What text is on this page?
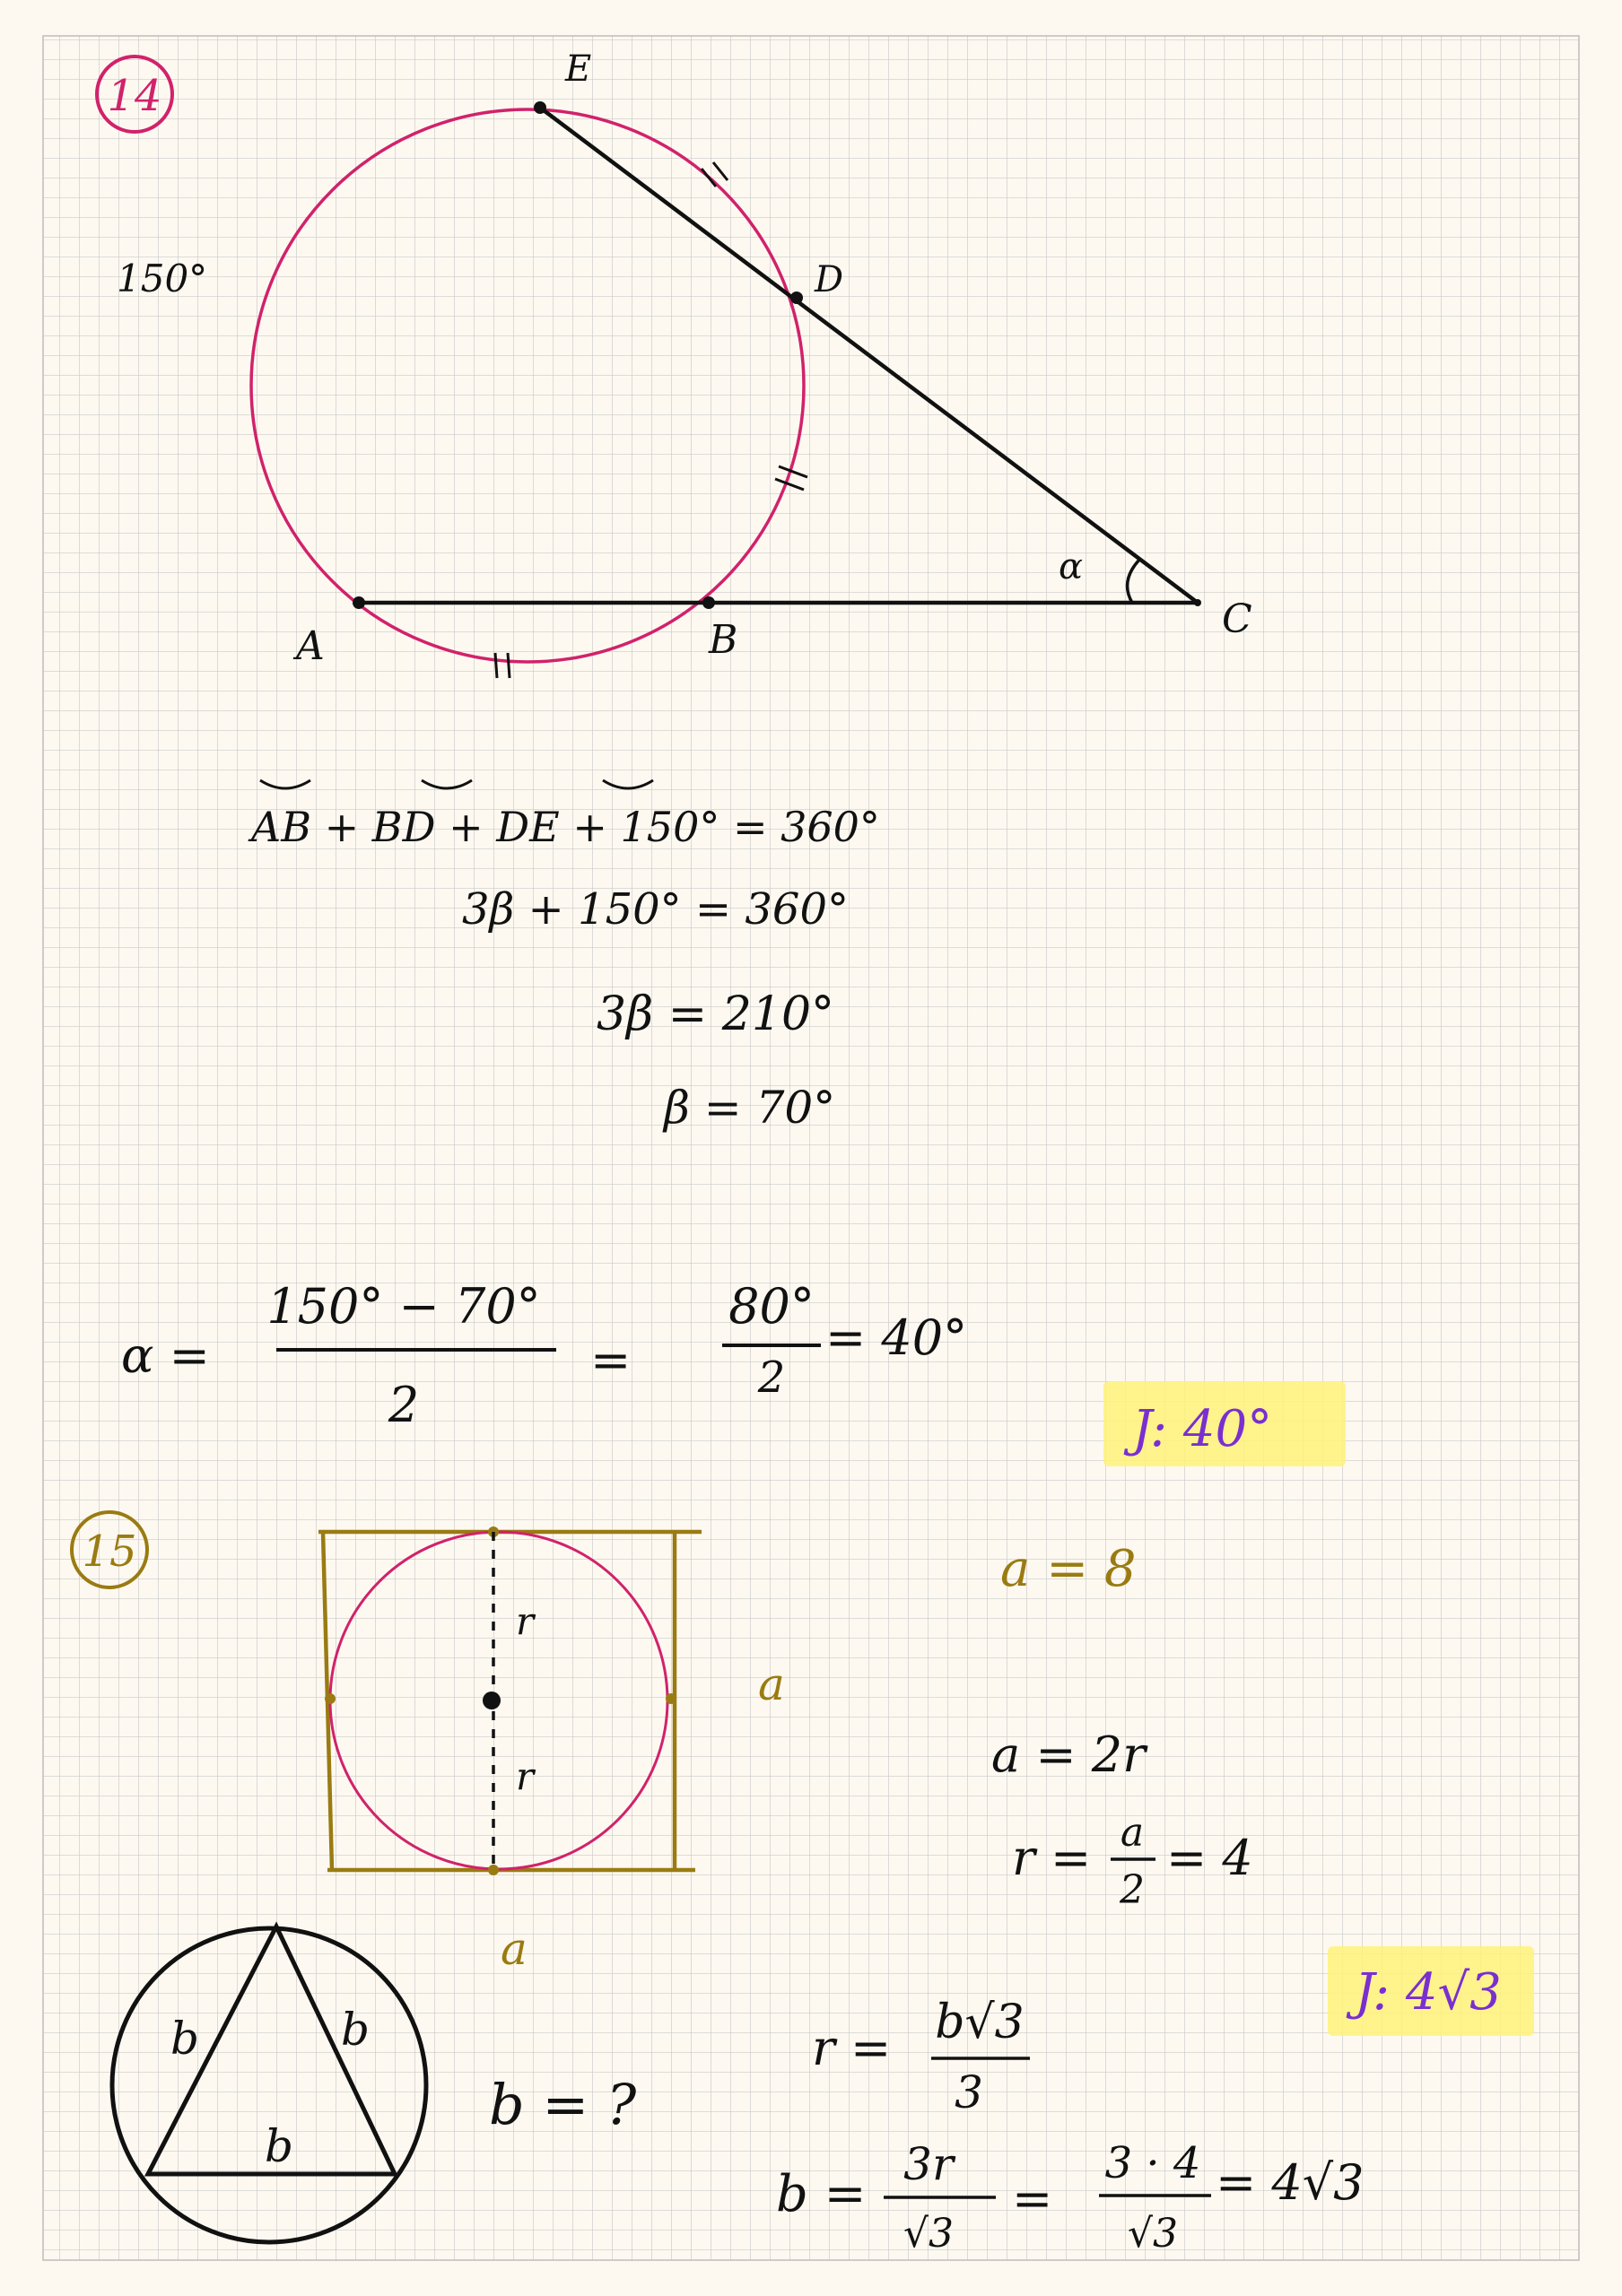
14
E
D
A	B	C
α
150°
AB + BD + DE + 150° = 360°
3β + 150° = 360°
3β = 210°
β = 70°
α =
150° − 70°
2
=
80°
2
= 40°
J: 40°
15
r
r
a
a
a = 8
a = 2r
r = a
2
= 4
b	b
b
b = ?
r = b√3
3
b =
3r
√3
=
3 · 4
√3
= 4√3
J: 4√3
